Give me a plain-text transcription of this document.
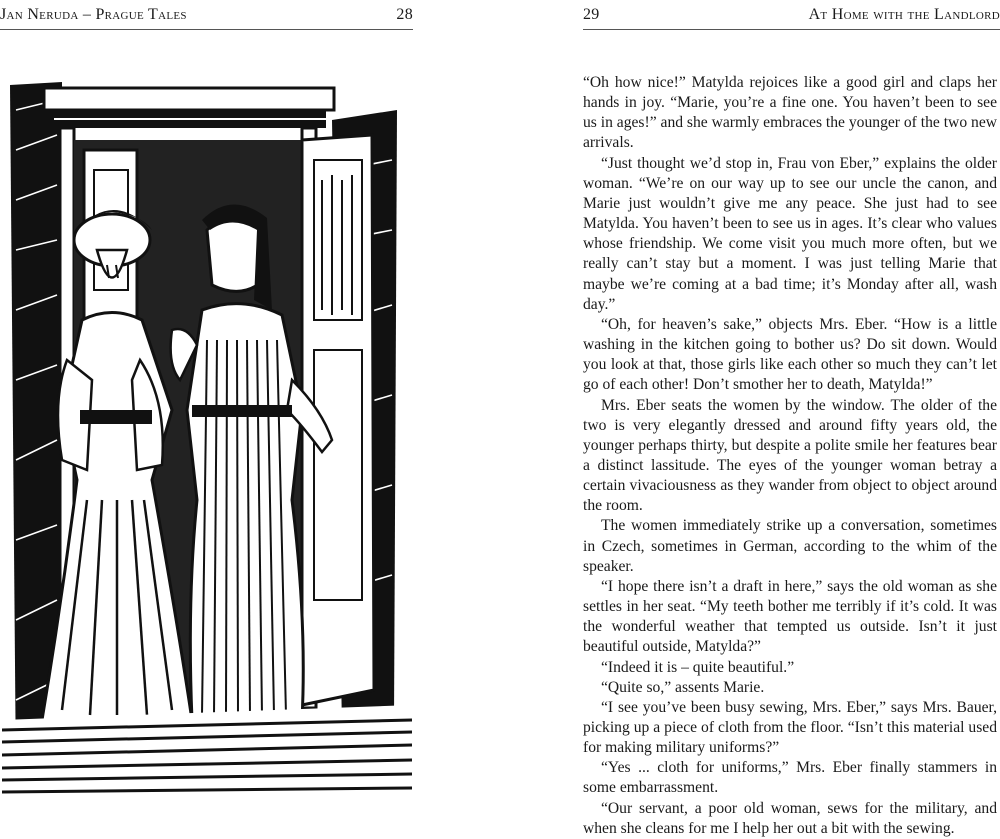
Jan Neruda – Prague Tales	28	29	At Home with the Landlord

“Oh how nice!” Matylda rejoices like a good girl and claps her hands in joy. “Marie, you’re a fine one. You haven’t been to see us in ages!” and she warmly embraces the younger of the two new arrivals.

“Just thought we’d stop in, Frau von Eber,” explains the older woman. “We’re on our way up to see our uncle the canon, and Marie just wouldn’t give me any peace. She just had to see Matylda. You haven’t been to see us in ages. It’s clear who values whose friendship. We come visit you much more often, but we really can’t stay but a moment. I was just telling Marie that maybe we’re coming at a bad time; it’s Monday after all, wash day.”

“Oh, for heaven’s sake,” objects Mrs. Eber. “How is a little washing in the kitchen going to bother us? Do sit down. Would you look at that, those girls like each other so much they can’t let go of each other! Don’t smother her to death, Matylda!”

Mrs. Eber seats the women by the window. The older of the two is very elegantly dressed and around fifty years old, the younger perhaps thirty, but despite a polite smile her features bear a distinct lassitude. The eyes of the younger woman betray a certain vivaciousness as they wander from object to object around the room.

The women immediately strike up a conversation, sometimes in Czech, sometimes in German, according to the whim of the speaker.

“I hope there isn’t a draft in here,” says the old woman as she settles in her seat. “My teeth bother me terribly if it’s cold. It was the wonderful weather that tempted us outside. Isn’t it just beautiful outside, Matylda?”

“Indeed it is – quite beautiful.”

“Quite so,” assents Marie.

“I see you’ve been busy sewing, Mrs. Eber,” says Mrs. Bauer, picking up a piece of cloth from the floor. “Isn’t this material used for making military uniforms?”

“Yes ... cloth for uniforms,” Mrs. Eber finally stammers in some embarrassment.

“Our servant, a poor old woman, sews for the military, and when she cleans for me I help her out a bit with the sewing.
